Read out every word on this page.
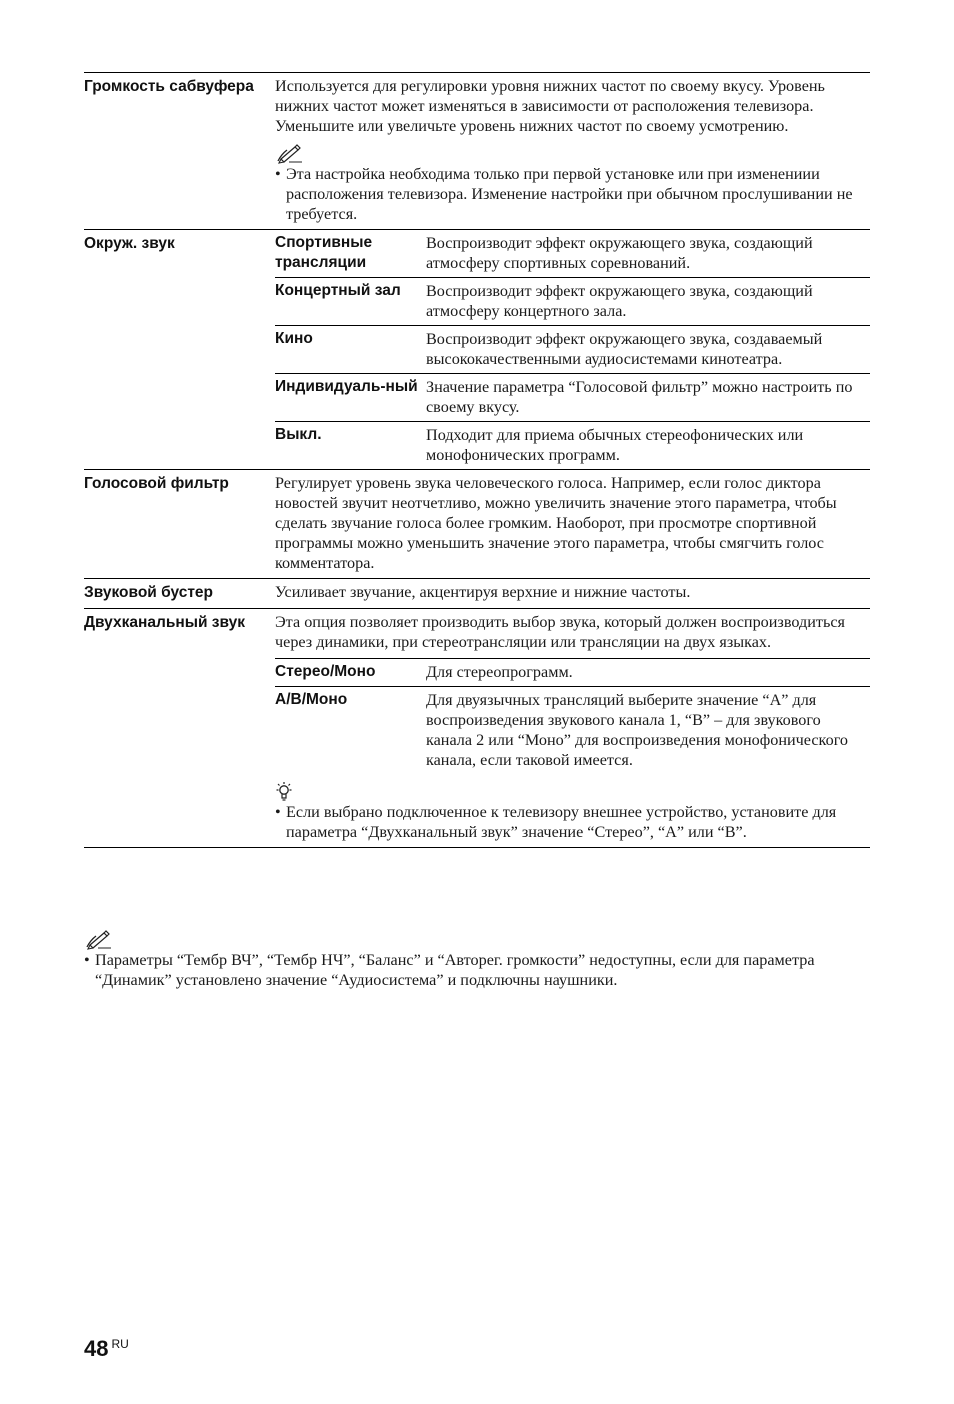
Громкость сабвуфера	Используется для регулировки уровня нижних частот по своему вкусу. Уровень нижних частот может изменяться в зависимости от расположения телевизора. Уменьшите или увеличьте уровень нижних частот по своему усмотрению.
• Эта настройка необходима только при первой установке или при изменениии расположения телевизора. Изменение настройки при обычном прослушивании не требуется.

Окруж. звук		Спортивные трансляции	Воспроизводит эффект окружающего звука, создающий атмосферу спортивных соревнований.
Концертный зал	Воспроизводит эффект окружающего звука, создающий атмосферу концертного зала.
Кино	Воспроизводит эффект окружающего звука, создаваемый высококачественными аудиосистемами кинотеатра.
Индивидуаль-ный	Значение параметра “Голосовой фильтр” можно настроить по своему вкусу.
Выкл.	Подходит для приема обычных стереофонических или монофонических программ.

Голосовой фильтр	Регулирует уровень звука человеческого голоса. Например, если голос диктора новостей звучит неотчетливо, можно увеличить значение этого параметра, чтобы сделать звучание голоса более громким. Наоборот, при просмотре спортивной программы можно уменьшить значение этого параметра, чтобы смягчить голос комментатора.
Звуковой бустер	Усиливает звучание, акцентируя верхние и нижние частоты.
Двухканальный звук	Эта опция позволяет производить выбор звука, который должен воспроизводиться через динамики, при стереотрансляции или трансляции на двух языках.
Стерео/Моно	Для стереопрограмм.
A/B/Моно	Для двуязычных трансляций выберите значение “A” для воспроизведения звукового канала 1, “B” – для звукового канала 2 или “Моно” для воспроизведения монофонического канала, если таковой имеется.
• Если выбрано подключенное к телевизору внешнее устройство, установите для параметра “Двухканальный звук” значение “Стерео”, “A” или “B”.
• Параметры “Тембр ВЧ”, “Тембр НЧ”, “Баланс” и “Авторег. громкости” недоступны, если для параметра “Динамик” установлено значение “Аудиосистема” и подключны наушники.
48 $^{RU}$
